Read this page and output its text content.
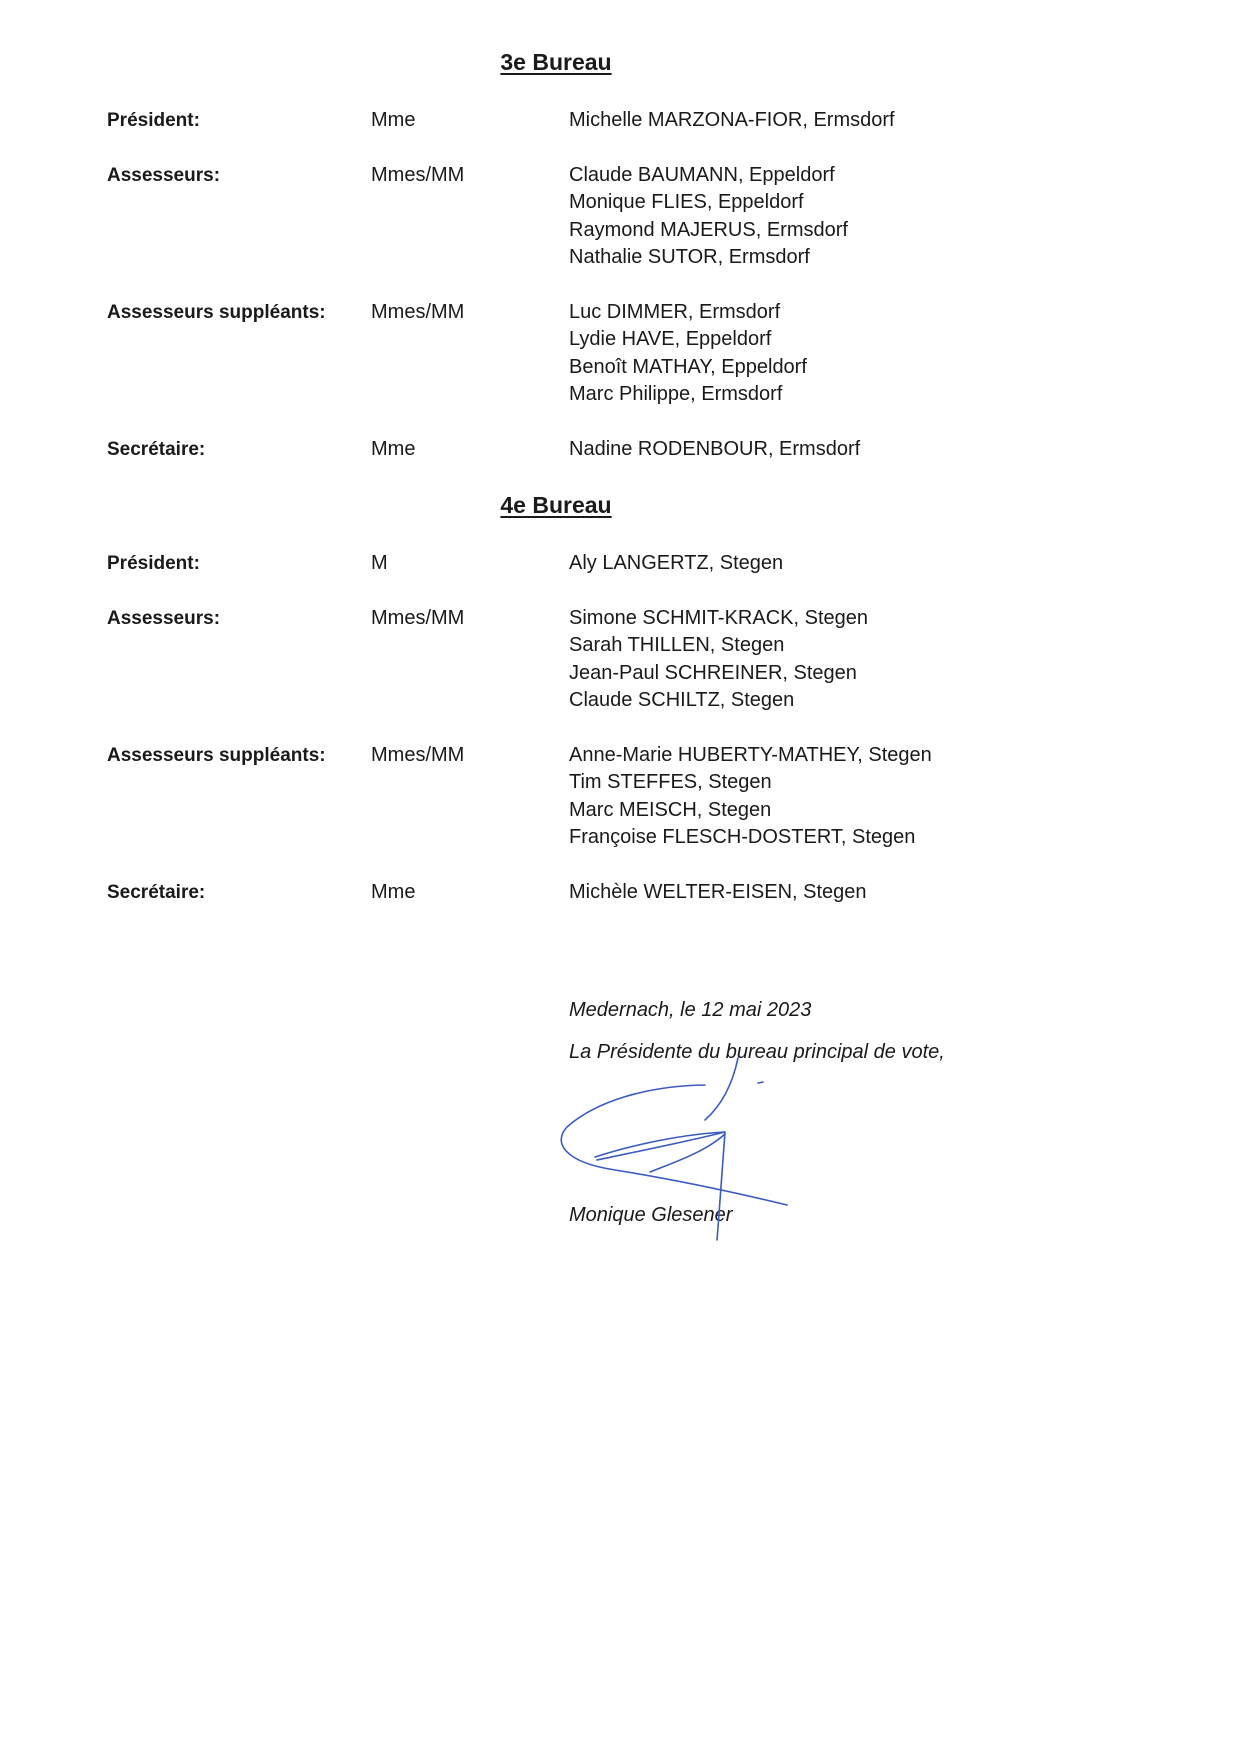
3e Bureau
Président:	Mme	Michelle MARZONA-FIOR, Ermsdorf
Assesseurs:	Mmes/MM	Claude BAUMANN, Eppeldorf
Monique FLIES, Eppeldorf
Raymond MAJERUS, Ermsdorf
Nathalie SUTOR, Ermsdorf
Assesseurs suppléants: Mmes/MM	Luc DIMMER, Ermsdorf
Lydie HAVE, Eppeldorf
Benoît MATHAY, Eppeldorf
Marc Philippe, Ermsdorf
Secrétaire:	Mme	Nadine RODENBOUR, Ermsdorf
4e Bureau
Président:	M	Aly LANGERTZ, Stegen
Assesseurs:	Mmes/MM	Simone SCHMIT-KRACK, Stegen
Sarah THILLEN, Stegen
Jean-Paul SCHREINER, Stegen
Claude SCHILTZ, Stegen
Assesseurs suppléants: Mmes/MM	Anne-Marie HUBERTY-MATHEY, Stegen
Tim STEFFES, Stegen
Marc MEISCH, Stegen
Françoise FLESCH-DOSTERT, Stegen
Secrétaire:	Mme	Michèle WELTER-EISEN, Stegen
Medernach, le 12 mai 2023
La Présidente du bureau principal de vote,
Monique Glesener
